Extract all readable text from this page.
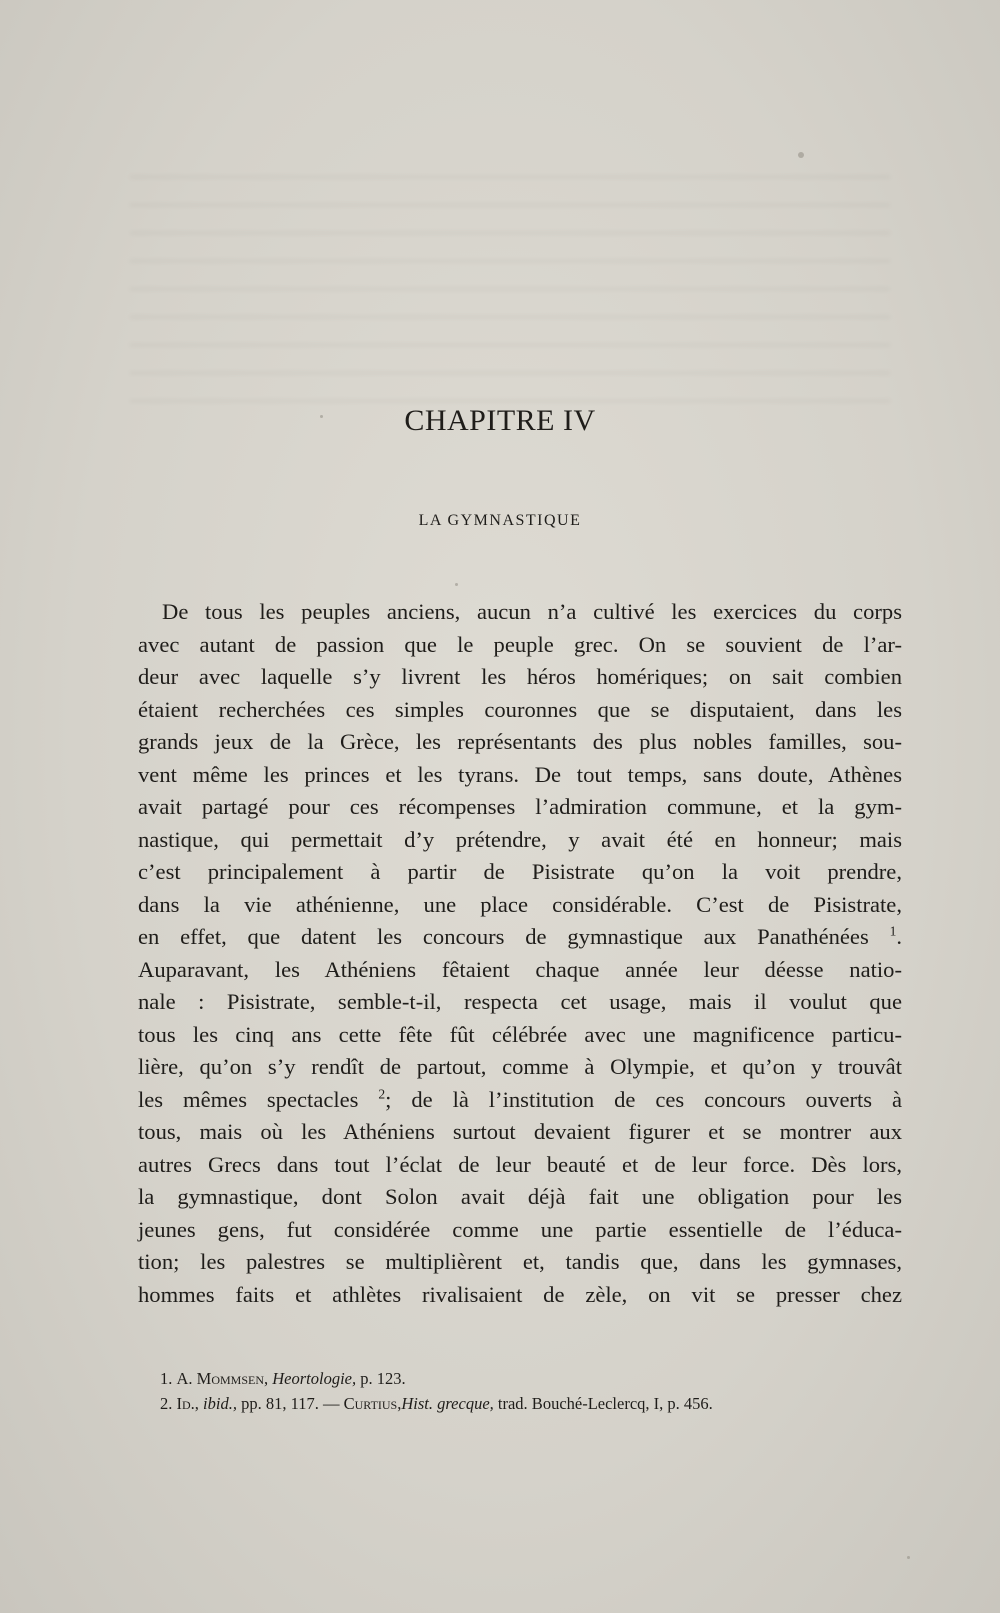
CHAPITRE IV
LA GYMNASTIQUE
De tous les peuples anciens, aucun n’a cultivé les exercices du corps
avec autant de passion que le peuple grec. On se souvient de l’ar-
deur avec laquelle s’y livrent les héros homériques; on sait combien
étaient recherchées ces simples couronnes que se disputaient, dans les
grands jeux de la Grèce, les représentants des plus nobles familles, sou-
vent même les princes et les tyrans. De tout temps, sans doute, Athènes
avait partagé pour ces récompenses l’admiration commune, et la gym-
nastique, qui permettait d’y prétendre, y avait été en honneur; mais
c’est principalement à partir de Pisistrate qu’on la voit prendre,
dans la vie athénienne, une place considérable. C’est de Pisistrate,
en effet, que datent les concours de gymnastique aux Panathénées $^1$.
Auparavant, les Athéniens fêtaient chaque année leur déesse natio-
nale : Pisistrate, semble-t-il, respecta cet usage, mais il voulut que
tous les cinq ans cette fête fût célébrée avec une magnificence particu-
lière, qu’on s’y rendît de partout, comme à Olympie, et qu’on y trouvât
les mêmes spectacles $^2$; de là l’institution de ces concours ouverts à
tous, mais où les Athéniens surtout devaient figurer et se montrer aux
autres Grecs dans tout l’éclat de leur beauté et de leur force. Dès lors,
la gymnastique, dont Solon avait déjà fait une obligation pour les
jeunes gens, fut considérée comme une partie essentielle de l’éduca-
tion; les palestres se multiplièrent et, tandis que, dans les gymnases,
hommes faits et athlètes rivalisaient de zèle, on vit se presser chez
1. A. Mommsen, Heortologie, p. 123.
2. Id., ibid., pp. 81, 117. — Curtius,Hist. grecque, trad. Bouché-Leclercq, I, p. 456.
